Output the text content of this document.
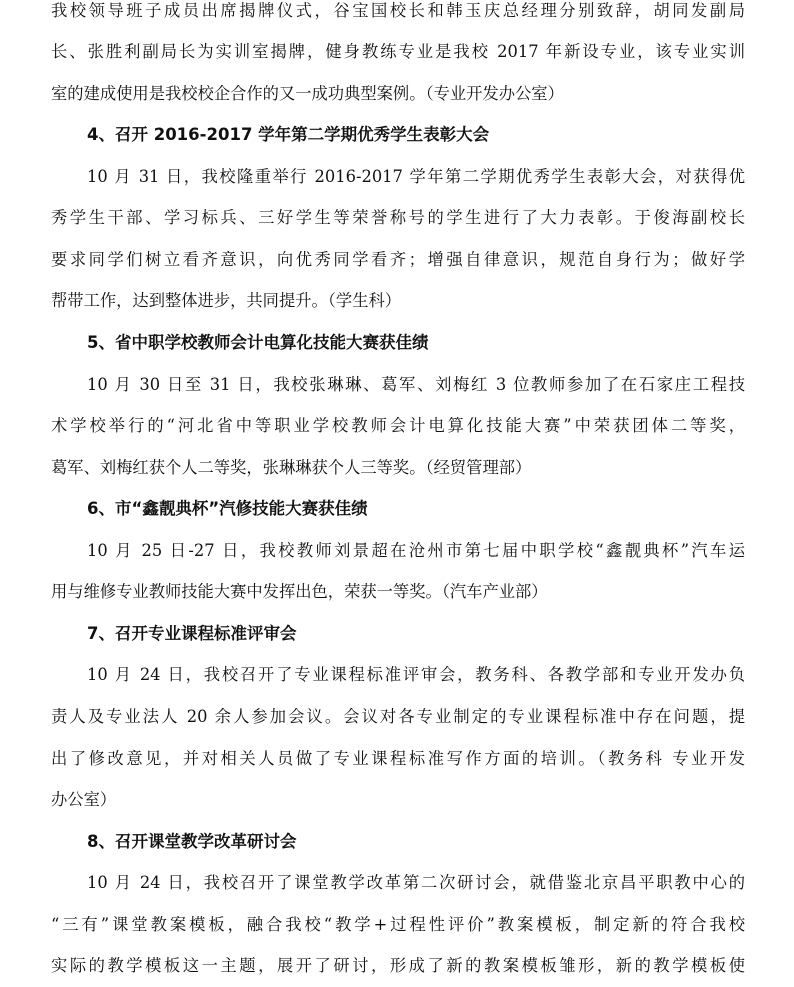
我校领导班子成员出席揭牌仪式，谷宝国校长和韩玉庆总经理分别致辞，胡同发副局
长、张胜利副局长为实训室揭牌，健身教练专业是我校 2017 年新设专业，该专业实训
室的建成使用是我校校企合作的又一成功典型案例。（专业开发办公室）
4、召开 2016-2017 学年第二学期优秀学生表彰大会
10 月 31 日，我校隆重举行 2016-2017 学年第二学期优秀学生表彰大会，对获得优
秀学生干部、学习标兵、三好学生等荣誉称号的学生进行了大力表彰。于俊海副校长
要求同学们树立看齐意识，向优秀同学看齐；增强自律意识，规范自身行为；做好学
帮带工作，达到整体进步，共同提升。（学生科）
5、省中职学校教师会计电算化技能大赛获佳绩
10 月 30 日至 31 日，我校张琳琳、葛军、刘梅红 3 位教师参加了在石家庄工程技
术学校举行的“河北省中等职业学校教师会计电算化技能大赛”中荣获团体二等奖，
葛军、刘梅红获个人二等奖，张琳琳获个人三等奖。（经贸管理部）
6、市“鑫靓典杯”汽修技能大赛获佳绩
10 月 25 日-27 日，我校教师刘景超在沧州市第七届中职学校“鑫靓典杯”汽车运
用与维修专业教师技能大赛中发挥出色，荣获一等奖。（汽车产业部）
7、召开专业课程标准评审会
10 月 24 日，我校召开了专业课程标准评审会，教务科、各教学部和专业开发办负
责人及专业法人 20 余人参加会议。会议对各专业制定的专业课程标准中存在问题，提
出了修改意见，并对相关人员做了专业课程标准写作方面的培训。（教务科 专业开发
办公室）
8、召开课堂教学改革研讨会
10 月 24 日，我校召开了课堂教学改革第二次研讨会，就借鉴北京昌平职教中心的
“三有”课堂教案模板，融合我校“教学+过程性评价”教案模板，制定新的符合我校
实际的教学模板这一主题，展开了研讨，形成了新的教案模板雏形，新的教学模板使
